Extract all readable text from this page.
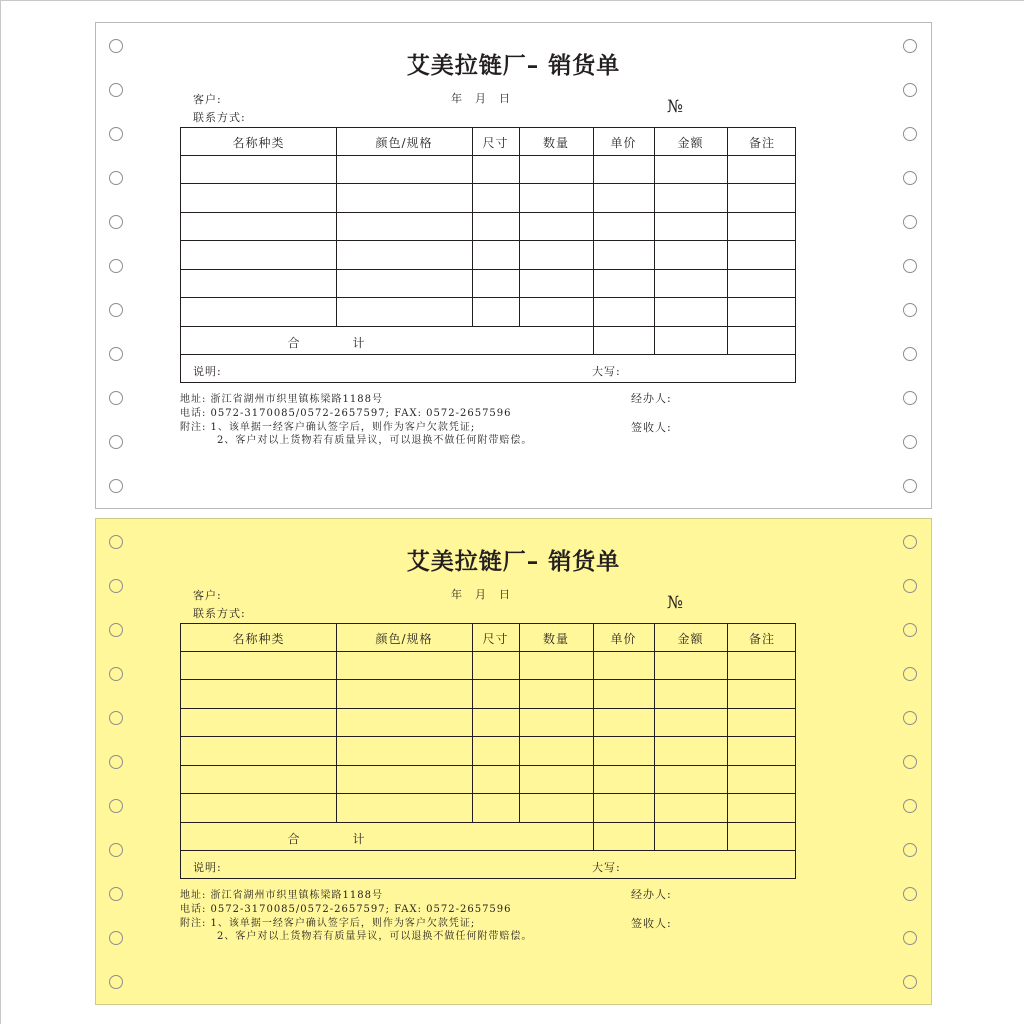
艾美拉链厂– 销货单
客户:	年　月　日
联系方式:
№
名称种类	颜色/规格	尺寸	数量	单价	金额	备注
合　　　　计
说明:	大写:
地址: 浙江省湖州市织里镇栋梁路1188号
电话: 0572-3170085/0572-2657597; FAX: 0572-2657596
附注: 1、该单据一经客户确认签字后，则作为客户欠款凭证;
2、客户对以上货物若有质量异议，可以退换不做任何附带赔偿。
经办人:
签收人:
艾美拉链厂– 销货单
客户:	年　月　日
联系方式:
№
名称种类	颜色/规格	尺寸	数量	单价	金额	备注
合　　　　计
说明:	大写:
地址: 浙江省湖州市织里镇栋梁路1188号
电话: 0572-3170085/0572-2657597; FAX: 0572-2657596
附注: 1、该单据一经客户确认签字后，则作为客户欠款凭证;
2、客户对以上货物若有质量异议，可以退换不做任何附带赔偿。
经办人:
签收人:
